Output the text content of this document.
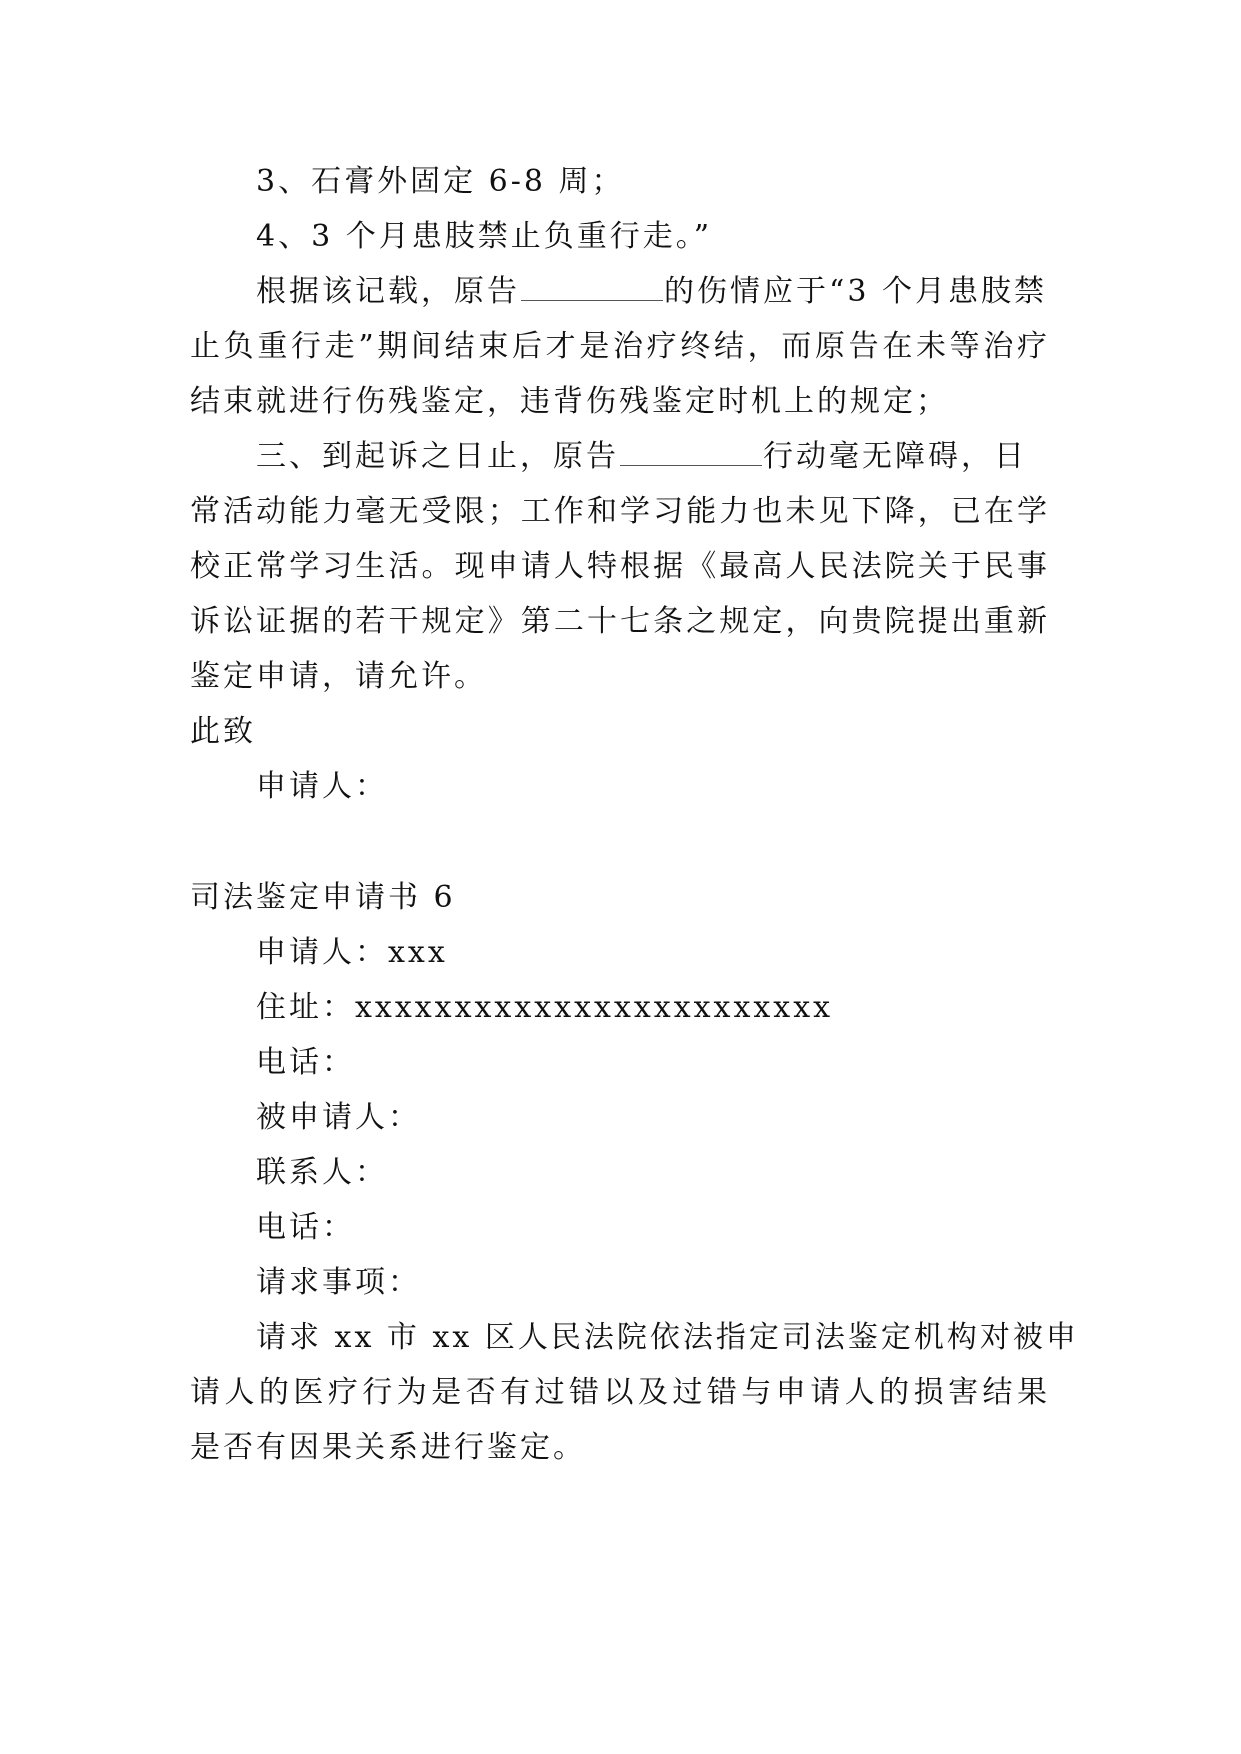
3、石膏外固定 6-8 周；

4、3 个月患肢禁止负重行走。”

根据该记载，原告	的伤情应于“3 个月患肢禁

止负重行走”期间结束后才是治疗终结，而原告在未等治疗

结束就进行伤残鉴定，违背伤残鉴定时机上的规定；

三、到起诉之日止，原告	行动毫无障碍，日

常活动能力毫无受限；工作和学习能力也未见下降，已在学

校正常学习生活。现申请人特根据《最高人民法院关于民事

诉讼证据的若干规定》第二十七条之规定，向贵院提出重新

鉴定申请，请允许。

此致

申请人：

司法鉴定申请书 6

申请人：xxx

住址：xxxxxxxxxxxxxxxxxxxxxxxx

电话：

被申请人：

联系人：

电话：

请求事项：

请求 xx 市 xx 区人民法院依法指定司法鉴定机构对被申

请人的医疗行为是否有过错以及过错与申请人的损害结果

是否有因果关系进行鉴定。
